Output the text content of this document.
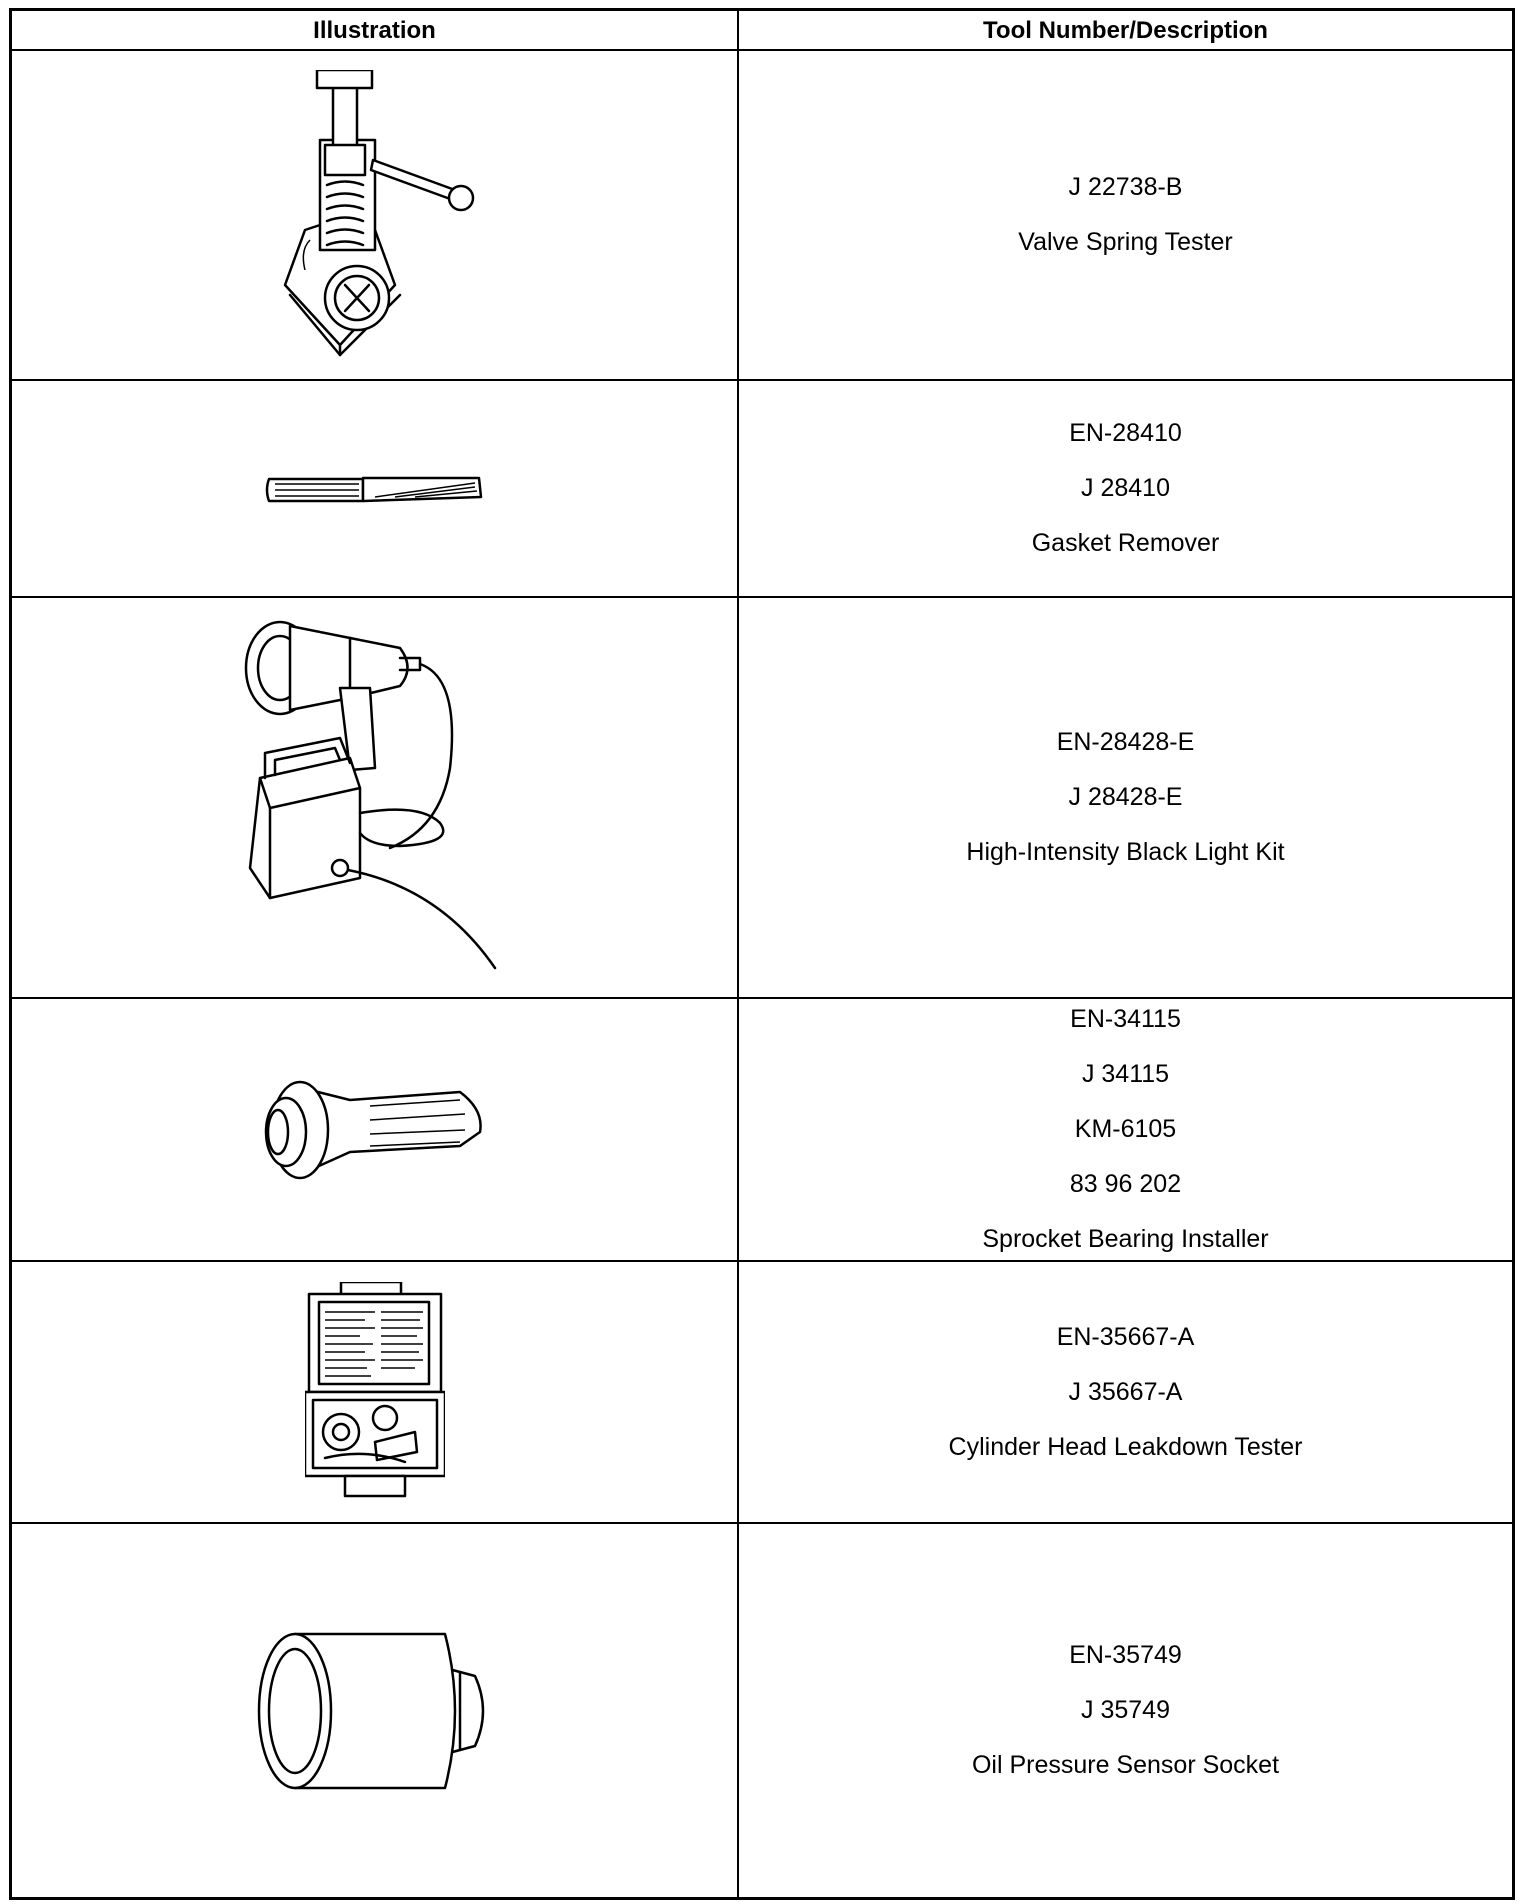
Illustration	Tool Number/Description
J 22738-B
Valve Spring Tester
EN-28410
J 28410
Gasket Remover
EN-28428-E
J 28428-E
High-Intensity Black Light Kit
EN-34115
J 34115
KM-6105
83 96 202
Sprocket Bearing Installer
EN-35667-A
J 35667-A
Cylinder Head Leakdown Tester
EN-35749
J 35749
Oil Pressure Sensor Socket
